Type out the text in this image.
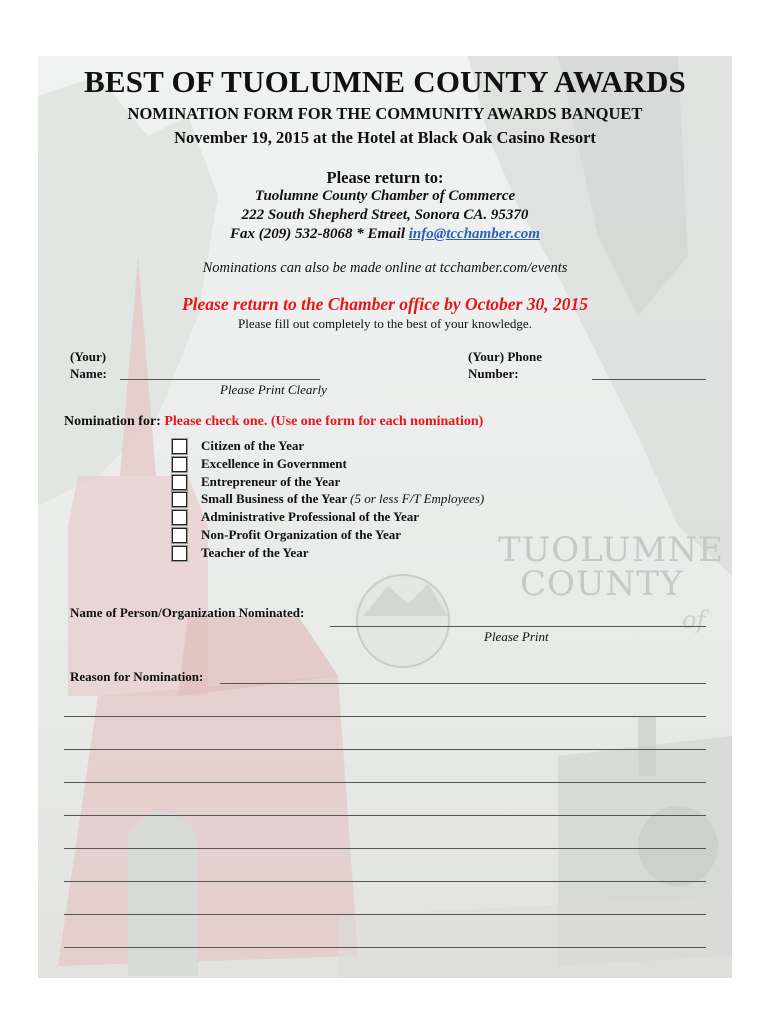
TUOLUMNE
COUNTY
of
BEST OF TUOLUMNE COUNTY AWARDS
NOMINATION FORM FOR THE COMMUNITY AWARDS BANQUET
November 19, 2015 at the Hotel at Black Oak Casino Resort
Please return to:
Tuolumne County Chamber of Commerce
222 South Shepherd Street, Sonora CA. 95370
Fax (209) 532-8068 * Email info@tcchamber.com
Nominations can also be made online at tcchamber.com/events
Please return to the Chamber office by October 30, 2015
Please fill out completely to the best of your knowledge.
(Your)
Name:
Please Print Clearly
(Your) Phone
Number:
Nomination for: Please check one. (Use one form for each nomination)
Citizen of the Year
Excellence in Government
Entrepreneur of the Year
Small Business of the Year (5 or less F/T Employees)
Administrative Professional of the Year
Non-Profit Organization of the Year
Teacher of the Year
Name of Person/Organization Nominated:
Please Print
Reason for Nomination:
